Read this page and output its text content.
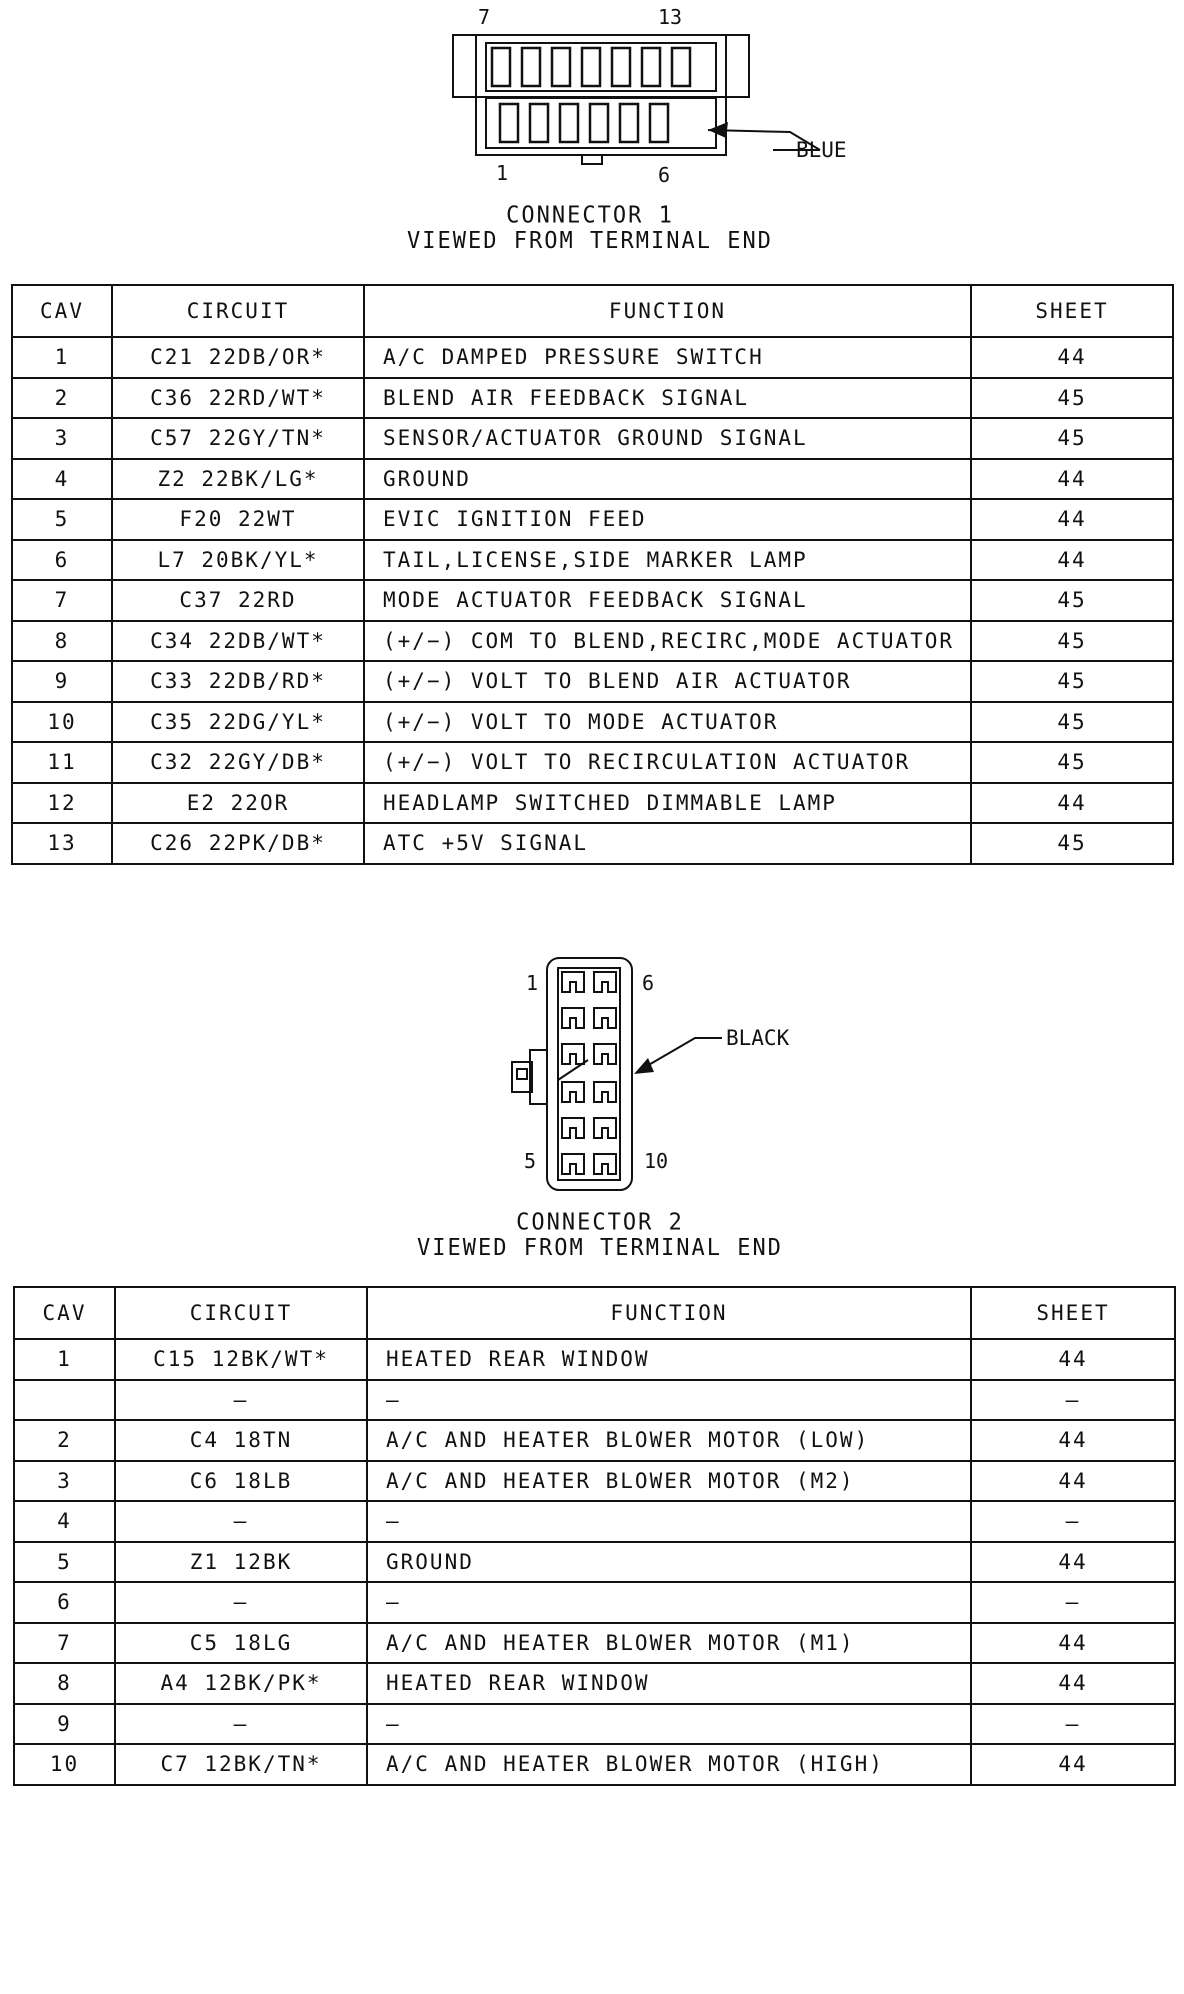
7	13
1	6
BLUE
CONNECTOR 1
VIEWED FROM TERMINAL END
CAV	CIRCUIT	FUNCTION	SHEET
1	C21 22DB/OR*	A/C DAMPED PRESSURE SWITCH	44
2	C36 22RD/WT*	BLEND AIR FEEDBACK SIGNAL	45
3	C57 22GY/TN*	SENSOR/ACTUATOR GROUND SIGNAL	45
4	Z2 22BK/LG*	GROUND	44
5	F20 22WT	EVIC IGNITION FEED	44
6	L7 20BK/YL*	TAIL,LICENSE,SIDE MARKER LAMP	44
7	C37 22RD	MODE ACTUATOR FEEDBACK SIGNAL	45
8	C34 22DB/WT*	(+/−) COM TO BLEND,RECIRC,MODE ACTUATOR	45
9	C33 22DB/RD*	(+/−) VOLT TO BLEND AIR ACTUATOR	45
10	C35 22DG/YL*	(+/−) VOLT TO MODE ACTUATOR	45
11	C32 22GY/DB*	(+/−) VOLT TO RECIRCULATION ACTUATOR	45
12	E2 22OR	HEADLAMP SWITCHED DIMMABLE LAMP	44
13	C26 22PK/DB*	ATC +5V SIGNAL	45
1	6
5	10
BLACK
CONNECTOR 2
VIEWED FROM TERMINAL END
CAV	CIRCUIT	FUNCTION	SHEET
1	C15 12BK/WT*	HEATED REAR WINDOW	44
	—	—	—
2	C4 18TN	A/C AND HEATER BLOWER MOTOR (LOW)	44
3	C6 18LB	A/C AND HEATER BLOWER MOTOR (M2)	44
4	—	—	—
5	Z1 12BK	GROUND	44
6	—	—	—
7	C5 18LG	A/C AND HEATER BLOWER MOTOR (M1)	44
8	A4 12BK/PK*	HEATED REAR WINDOW	44
9	—	—	—
10	C7 12BK/TN*	A/C AND HEATER BLOWER MOTOR (HIGH)	44
